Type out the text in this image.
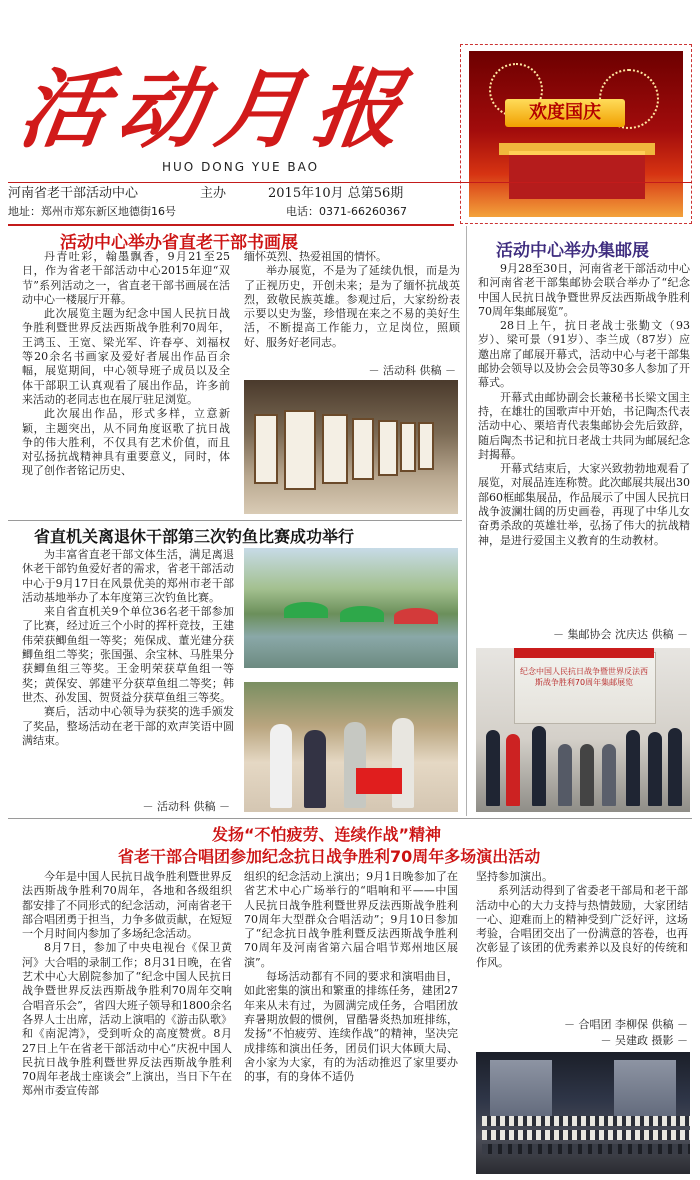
活动月报
HUO DONG YUE BAO
欢度国庆
河南省老干部活动中心	主办	2015年10月 总第56期
地址：郑州市郑东新区地德街16号	电话：0371-66260367
活动中心举办省直老干部书画展

丹青吐彩，翰墨飘香，9月21至25日，作为省老干部活动中心2015年迎“双节”系列活动之一，省直老干部书画展在活动中心一楼展厅开幕。

此次展览主题为纪念中国人民抗日战争胜利暨世界反法西斯战争胜利70周年，王鸿玉、王宽、梁光军、许春亭、刘福权等20余名书画家及爱好者展出作品百余幅，展览期间，中心领导班子成员以及全体干部职工认真观看了展出作品，许多前来活动的老同志也在展厅驻足浏览。

此次展出作品，形式多样，立意新颖，主题突出，从不同角度讴歌了抗日战争的伟大胜利，不仅具有艺术价值，而且对弘扬抗战精神具有重要意义，同时，体现了创作者铭记历史、

缅怀英烈、热爱祖国的情怀。

举办展览，不是为了延续仇恨，而是为了正视历史，开创未来；是为了缅怀抗战英烈，致敬民族英雄。参观过后，大家纷纷表示要以史为鉴，珍惜现在来之不易的美好生活，不断提高工作能力，立足岗位，照顾好、服务好老同志。

－ 活动科 供稿 －
省直机关离退休干部第三次钓鱼比赛成功举行

为丰富省直老干部文体生活，满足离退休老干部钓鱼爱好者的需求，省老干部活动中心于9月17日在风景优美的郑州市老干部活动基地举办了本年度第三次钓鱼比赛。

来自省直机关9个单位36名老干部参加了比赛，经过近三个小时的挥杆竞技，王建伟荣获鲫鱼组一等奖；苑保成、董光建分获鲫鱼组二等奖；张国强、余宝林、马胜果分获鲫鱼组三等奖。王金明荣获草鱼组一等奖；黄保安、郭建平分获草鱼组二等奖；韩世杰、孙发国、贺贤益分获草鱼组三等奖。

赛后，活动中心领导为获奖的选手颁发了奖品，整场活动在老干部的欢声笑语中圆满结束。

－ 活动科 供稿 －
活动中心举办集邮展

9月28至30日，河南省老干部活动中心和河南省老干部集邮协会联合举办了“纪念中国人民抗日战争暨世界反法西斯战争胜利70周年集邮展览”。

28日上午，抗日老战士张勤文（93岁）、梁可景（91岁）、李兰成（87岁）应邀出席了邮展开幕式，活动中心与老干部集邮协会领导以及协会会员等30多人参加了开幕式。

开幕式由邮协副会长兼秘书长梁文国主持，在雄壮的国歌声中开始，书记陶杰代表活动中心、栗培青代表集邮协会先后致辞，随后陶杰书记和抗日老战士共同为邮展纪念封揭幕。

开幕式结束后，大家兴致勃勃地观看了展览，对展品连连称赞。此次邮展共展出30部60框邮集展品，作品展示了中国人民抗日战争波澜壮阔的历史画卷，再现了中华儿女奋勇杀敌的英雄壮举，弘扬了伟大的抗战精神，是进行爱国主义教育的生动教材。

－ 集邮协会 沈庆达 供稿 －
纪念中国人民抗日战争暨世界反法西斯战争胜利70周年集邮展览
发扬“不怕疲劳、连续作战”精神
省老干部合唱团参加纪念抗日战争胜利70周年多场演出活动

今年是中国人民抗日战争胜利暨世界反法西斯战争胜利70周年，各地和各级组织都安排了不同形式的纪念活动，河南省老干部合唱团勇于担当，力争多做贡献，在短短一个月时间内参加了多场纪念活动。

8月7日，参加了中央电视台《保卫黄河》大合唱的录制工作；8月31日晚，在省艺术中心大剧院参加了“纪念中国人民抗日战争暨世界反法西斯战争胜利70周年交响合唱音乐会”，省四大班子领导和1800余名各界人士出席，活动上演唱的《游击队歌》和《南泥湾》，受到听众的高度赞赏。8月27日上午在省老干部活动中心“庆祝中国人民抗日战争胜利暨世界反法西斯战争胜利70周年老战士座谈会”上演出，当日下午在郑州市委宣传部

组织的纪念活动上演出；9月1日晚参加了在省艺术中心广场举行的“唱响和平——中国人民抗日战争胜利暨世界反法西斯战争胜利70周年大型群众合唱活动”；9月10日参加了“纪念抗日战争胜利暨反法西斯战争胜利70周年及河南省第六届合唱节郑州地区展演”。

每场活动都有不同的要求和演唱曲目，如此密集的演出和繁重的排练任务，建团27年来从未有过，为圆满完成任务，合唱团放弃暑期放假的惯例，冒酷暑炎热加班排练，发扬“不怕疲劳、连续作战”的精神，坚决完成排练和演出任务，团员们识大体顾大局、舍小家为大家，有的为活动推迟了家里要办的事，有的身体不适仍

坚持参加演出。

系列活动得到了省委老干部局和老干部活动中心的大力支持与热情鼓励，大家团结一心、迎难而上的精神受到广泛好评，这场考验，合唱团交出了一份满意的答卷，也再次彰显了该团的优秀素养以及良好的传统和作风。

－ 合唱团 李柳保 供稿 －
－ 吴建政 摄影 －
